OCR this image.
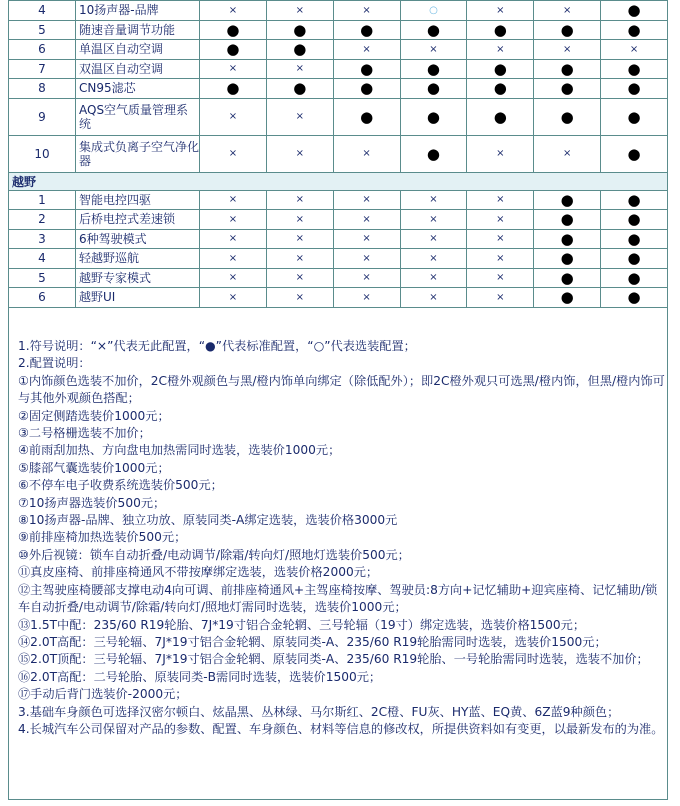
4	10扬声器-品牌	×	×	×	○	×	×	●
5	随速音量调节功能	●	●	●	●	●	●	●
6	单温区自动空调	●	●	×	×	×	×	×
7	双温区自动空调	×	×	●	●	●	●	●
8	CN95滤芯	●	●	●	●	●	●	●
9	AQS空气质量管理系统	×	×	●	●	●	●	●
10	集成式负离子空气净化器	×	×	×	●	×	×	●
越野								
1	智能电控四驱	×	×	×	×	×	●	●
2	后桥电控式差速锁	×	×	×	×	×	●	●
3	6种驾驶模式	×	×	×	×	×	●	●
4	轻越野巡航	×	×	×	×	×	●	●
5	越野专家模式	×	×	×	×	×	●	●
6	越野UI	×	×	×	×	×	●	●

1.符号说明：“×”代表无此配置，“●”代表标准配置，“○”代表选装配置；

2.配置说明：

①内饰颜色选装不加价，2C橙外观颜色与黑/橙内饰单向绑定（除低配外）；即2C橙外观只可选黑/橙内饰，但黑/橙内饰可与其他外观颜色搭配；

②固定侧踏选装价1000元；

③二号格栅选装不加价；

④前雨刮加热、方向盘电加热需同时选装，选装价1000元；

⑤膝部气囊选装价1000元；

⑥不停车电子收费系统选装价500元；

⑦10扬声器选装价500元；

⑧10扬声器-品牌、独立功放、原装同类-A绑定选装，选装价格3000元

⑨前排座椅加热选装价500元；

⑩外后视镜：锁车自动折叠/电动调节/除霜/转向灯/照地灯选装价500元；

⑪真皮座椅、前排座椅通风不带按摩绑定选装，选装价格2000元；

⑫主驾驶座椅腰部支撑电动4向可调、前排座椅通风+主驾座椅按摩、驾驶员:8方向+记忆辅助+迎宾座椅、记忆辅助/锁车自动折叠/电动调节/除霜/转向灯/照地灯需同时选装，选装价1000元；

⑬1.5T中配：235/60 R19轮胎、7J*19寸铝合金轮辋、三号轮辐（19寸）绑定选装，选装价格1500元；

⑭2.0T高配：三号轮辐、7J*19寸铝合金轮辋、原装同类-A、235/60 R19轮胎需同时选装，选装价1500元；

⑮2.0T顶配：三号轮辐、7J*19寸铝合金轮辋、原装同类-A、235/60 R19轮胎、一号轮胎需同时选装，选装不加价；

⑯2.0T高配：二号轮胎、原装同类-B需同时选装，选装价1500元；

⑰手动后背门选装价-2000元；

3.基础车身颜色可选择汉密尔顿白、炫晶黑、丛林绿、马尔斯红、2C橙、FU灰、HY蓝、EQ黄、6Z蓝9种颜色；

4.长城汽车公司保留对产品的参数、配置、车身颜色、材料等信息的修改权，所提供资料如有变更，以最新发布的为准。
